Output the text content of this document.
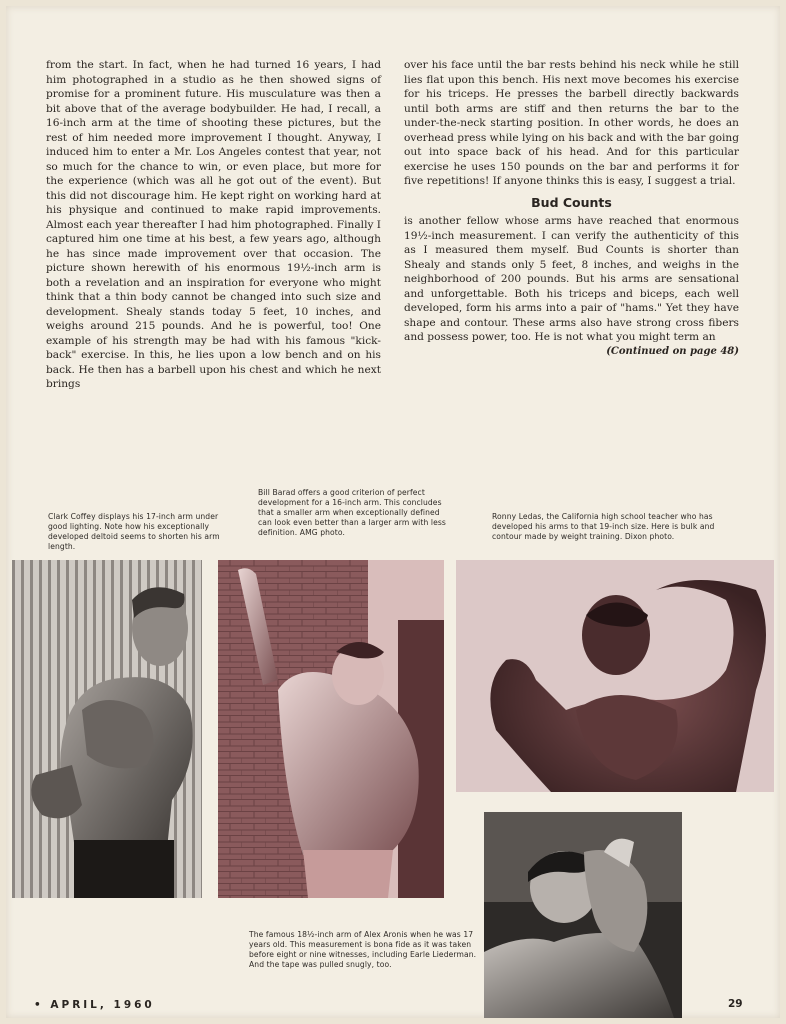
from the start. In fact, when he had turned 16 years, I had him photographed in a studio as he then showed signs of promise for a prominent future. His musculature was then a bit above that of the average bodybuilder. He had, I recall, a 16-inch arm at the time of shooting these pictures, but the rest of him needed more improvement I thought. Anyway, I induced him to enter a Mr. Los Angeles contest that year, not so much for the chance to win, or even place, but more for the experience (which was all he got out of the event). But this did not discourage him. He kept right on working hard at his physique and continued to make rapid improvements. Almost each year thereafter I had him photographed. Finally I captured him one time at his best, a few years ago, although he has since made improvement over that occasion. The picture shown herewith of his enormous 19½-inch arm is both a revelation and an inspiration for everyone who might think that a thin body cannot be changed into such size and development. Shealy stands today 5 feet, 10 inches, and weighs around 215 pounds. And he is powerful, too! One example of his strength may be had with his famous "kick-back" exercise. In this, he lies upon a low bench and on his back. He then has a barbell upon his chest and which he next brings

over his face until the bar rests behind his neck while he still lies flat upon this bench. His next move becomes his exercise for his triceps. He presses the barbell directly backwards until both arms are stiff and then returns the bar to the under-the-neck starting position. In other words, he does an overhead press while lying on his back and with the bar going out into space back of his head. And for this particular exercise he uses 150 pounds on the bar and performs it for five repetitions! If anyone thinks this is easy, I suggest a trial.

Bud Counts

is another fellow whose arms have reached that enormous 19½-inch measurement. I can verify the authenticity of this as I measured them myself. Bud Counts is shorter than Shealy and stands only 5 feet, 8 inches, and weighs in the neighborhood of 200 pounds. But his arms are sensational and unforgettable. Both his triceps and biceps, each well developed, form his arms into a pair of "hams." Yet they have shape and contour. These arms also have strong cross fibers and possess power, too. He is not what you might term an

(Continued on page 48)
Clark Coffey displays his 17-inch arm under good lighting. Note how his exceptionally developed deltoid seems to shorten his arm length.
Bill Barad offers a good criterion of perfect development for a 16-inch arm. This concludes that a smaller arm when exceptionally defined can look even better than a larger arm with less definition. AMG photo.
Ronny Ledas, the California high school teacher who has developed his arms to that 19-inch size. Here is bulk and contour made by weight training. Dixon photo.
The famous 18½-inch arm of Alex Aronis when he was 17 years old. This measurement is bona fide as it was taken before eight or nine witnesses, including Earle Liederman. And the tape was pulled snugly, too.
• APRIL, 1960	29
